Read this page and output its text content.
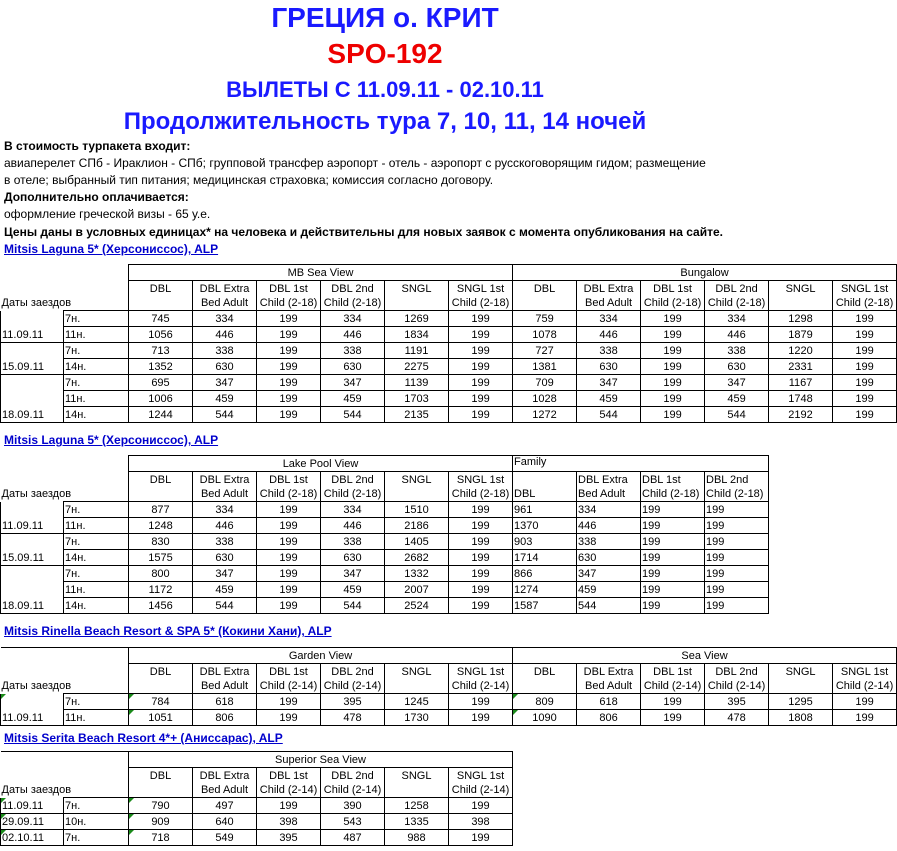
ГРЕЦИЯ о. КРИТ
SPO-192
ВЫЛЕТЫ С 11.09.11 - 02.10.11
Продолжительность тура 7, 10, 11, 14 ночей
В стоимость турпакета входит:
авиаперелет СПб - Ираклион - СПб; групповой трансфер аэропорт - отель - аэропорт с русскоговорящим гидом; размещение
в отеле; выбранный тип питания; медицинская страховка; комиссия согласно договору.
Дополнительно оплачивается:
оформление греческой визы - 65 у.е.
Цены даны в условных единицах* на человека и действительны для новых заявок с момента опубликования на сайте.
Mitsis Laguna 5* (Херсониссос), ALP
		MB Sea View						Bungalow					
Даты заездов		DBL	DBL Extra
Bed Adult	DBL 1st
Child (2-18)	DBL 2nd
Child (2-18)	SNGL	SNGL 1st
Child (2-18)	DBL	DBL Extra
Bed Adult	DBL 1st
Child (2-18)	DBL 2nd
Child (2-18)	SNGL	SNGL 1st
Child (2-18)
	7н.	745	334	199	334	1269	199	759	334	199	334	1298	199
11.09.11	11н.	1056	446	199	446	1834	199	1078	446	199	446	1879	199
	7н.	713	338	199	338	1191	199	727	338	199	338	1220	199
15.09.11	14н.	1352	630	199	630	2275	199	1381	630	199	630	2331	199
	7н.	695	347	199	347	1139	199	709	347	199	347	1167	199
	11н.	1006	459	199	459	1703	199	1028	459	199	459	1748	199
18.09.11	14н.	1244	544	199	544	2135	199	1272	544	199	544	2192	199
Mitsis Laguna 5* (Херсониссос), ALP
		Lake Pool View						Family			
Даты заездов		DBL	DBL Extra
Bed Adult	DBL 1st
Child (2-18)	DBL 2nd
Child (2-18)	SNGL	SNGL 1st
Child (2-18)	DBL	DBL Extra
Bed Adult	DBL 1st
Child (2-18)	DBL 2nd
Child (2-18)
	7н.	877	334	199	334	1510	199	961	334	199	199
11.09.11	11н.	1248	446	199	446	2186	199	1370	446	199	199
	7н.	830	338	199	338	1405	199	903	338	199	199
15.09.11	14н.	1575	630	199	630	2682	199	1714	630	199	199
	7н.	800	347	199	347	1332	199	866	347	199	199
	11н.	1172	459	199	459	2007	199	1274	459	199	199
18.09.11	14н.	1456	544	199	544	2524	199	1587	544	199	199
Mitsis Rinella Beach Resort & SPA 5* (Кокини Хани), ALP
		Garden View						Sea View					
Даты заездов		DBL	DBL Extra
Bed Adult	DBL 1st
Child (2-14)	DBL 2nd
Child (2-14)	SNGL	SNGL 1st
Child (2-14)	DBL	DBL Extra
Bed Adult	DBL 1st
Child (2-14)	DBL 2nd
Child (2-14)	SNGL	SNGL 1st
Child (2-14)
	7н.	784	618	199	395	1245	199	809	618	199	395	1295	199
11.09.11	11н.	1051	806	199	478	1730	199	1090	806	199	478	1808	199
Mitsis Serita Beach Resort 4*+ (Аниссарас), ALP
		Superior Sea View					
Даты заездов		DBL	DBL Extra
Bed Adult	DBL 1st
Child (2-14)	DBL 2nd
Child (2-14)	SNGL	SNGL 1st
Child (2-14)
11.09.11	7н.	790	497	199	390	1258	199
29.09.11	10н.	909	640	398	543	1335	398
02.10.11	7н.	718	549	395	487	988	199
